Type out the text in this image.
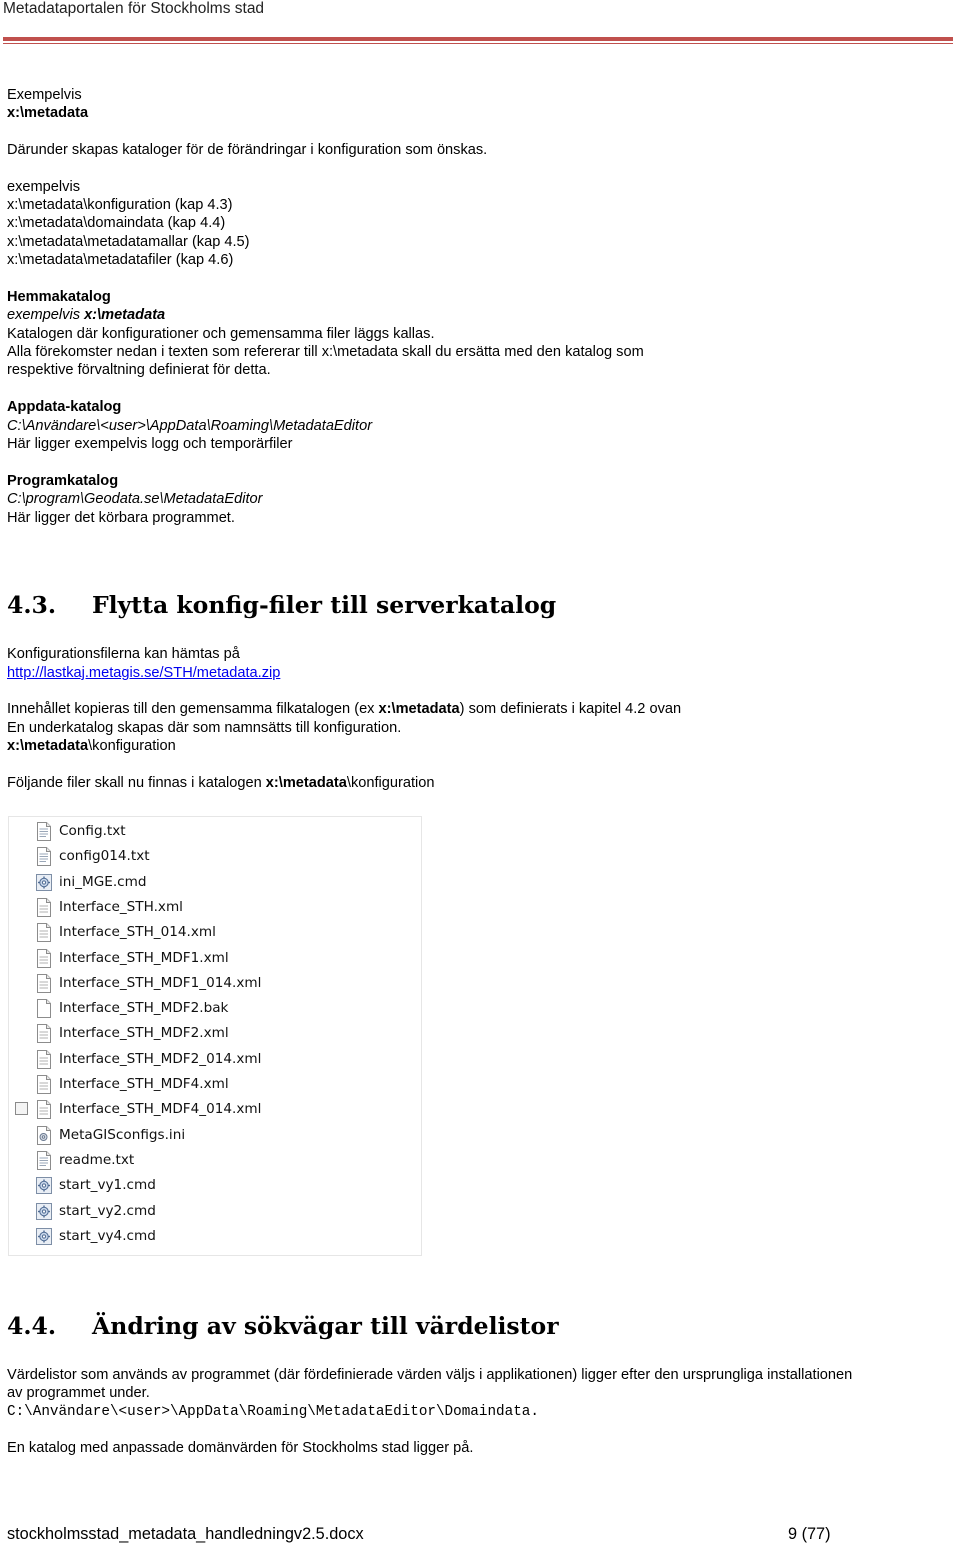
Metadataportalen för Stockholms stad
Exempelvis
x:\metadata
Därunder skapas kataloger för de förändringar i konfiguration som önskas.
exempelvis
x:\metadata\konfiguration (kap 4.3)
x:\metadata\domaindata (kap 4.4)
x:\metadata\metadatamallar (kap 4.5)
x:\metadata\metadatafiler (kap 4.6)
Hemmakatalog
exempelvis x:\metadata
Katalogen där konfigurationer och gemensamma filer läggs kallas.
Alla förekomster nedan i texten som refererar till x:\metadata skall du ersätta med den katalog som
respektive förvaltning definierat för detta.
Appdata-katalog
C:\Användare\<user>\AppData\Roaming\MetadataEditor
Här ligger exempelvis logg och temporärfiler
Programkatalog
C:\program\Geodata.se\MetadataEditor
Här ligger det körbara programmet.
4.3. Flytta konfig-filer till serverkatalog
Konfigurationsfilerna kan hämtas på
http://lastkaj.metagis.se/STH/metadata.zip
Innehållet kopieras till den gemensamma filkatalogen (ex x:\metadata) som definierats i kapitel 4.2 ovan
En underkatalog skapas där som namnsätts till konfiguration.
x:\metadata\konfiguration
Följande filer skall nu finnas i katalogen x:\metadata\konfiguration
Config.txt
config014.txt
ini_MGE.cmd
Interface_STH.xml
Interface_STH_014.xml
Interface_STH_MDF1.xml
Interface_STH_MDF1_014.xml
Interface_STH_MDF2.bak
Interface_STH_MDF2.xml
Interface_STH_MDF2_014.xml
Interface_STH_MDF4.xml
Interface_STH_MDF4_014.xml
MetaGISconfigs.ini
readme.txt
start_vy1.cmd
start_vy2.cmd
start_vy4.cmd
4.4. Ändring av sökvägar till värdelistor
Värdelistor som används av programmet (där fördefinierade värden väljs i applikationen) ligger efter den ursprungliga installationen
av programmet under.
C:\Användare\<user>\AppData\Roaming\MetadataEditor\Domaindata.
En katalog med anpassade domänvärden för Stockholms stad ligger på.
stockholmsstad_metadata_handledningv2.5.docx	9 (77)
